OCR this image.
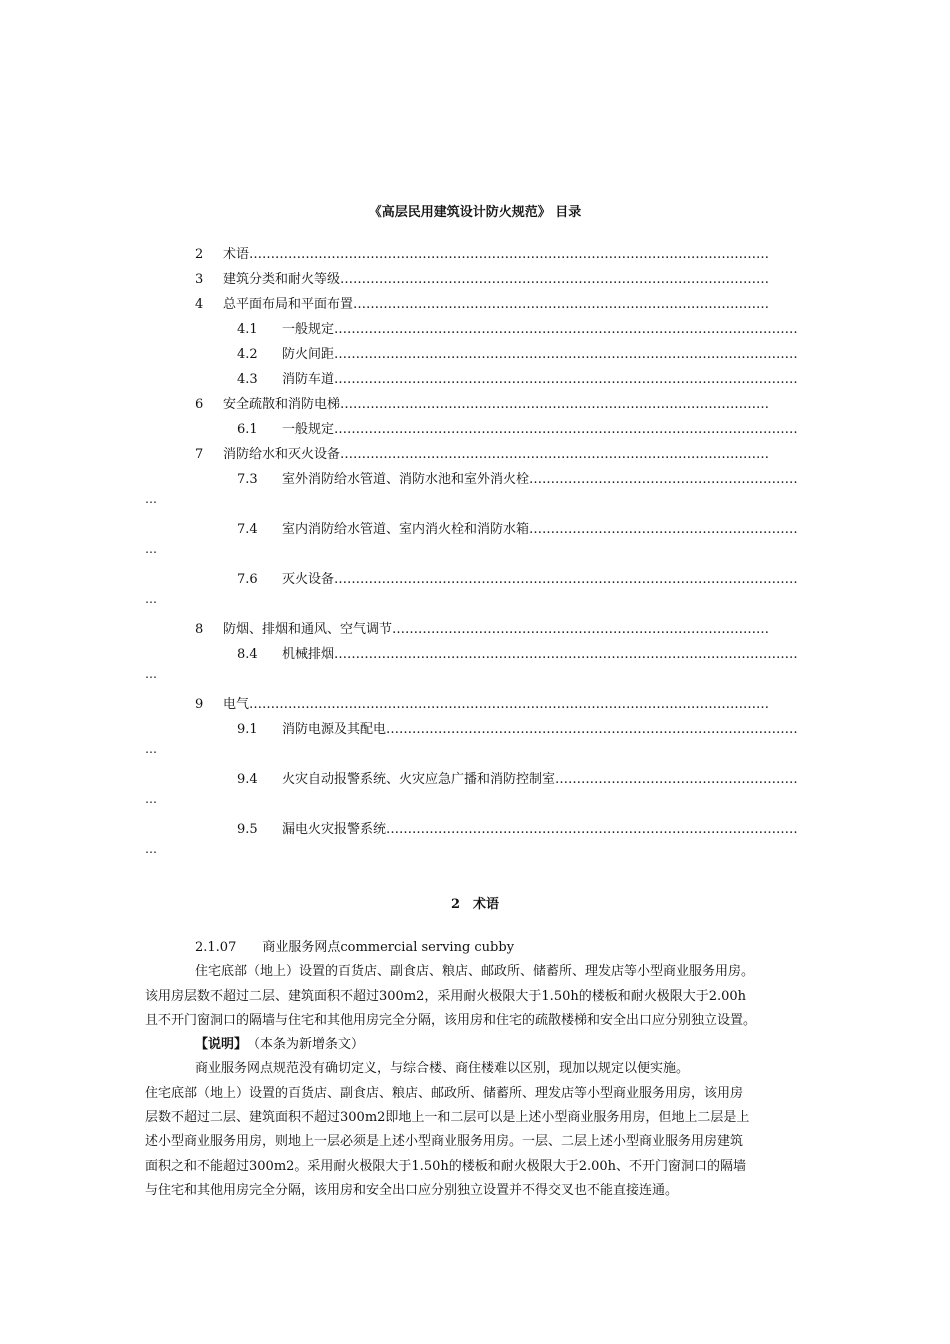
《高层民用建筑设计防火规范》 目录
2 术语 ……………………………………………………………………………………………………………………………………
3 建筑分类和耐火等级 ……………………………………………………………………………………………………………………………………
4 总平面布局和平面布置 ……………………………………………………………………………………………………………………………………
4.1 一般规定 ……………………………………………………………………………………………………………………………………
4.2 防火间距 ……………………………………………………………………………………………………………………………………
4.3 消防车道 ……………………………………………………………………………………………………………………………………
6 安全疏散和消防电梯 ……………………………………………………………………………………………………………………………………
6.1 一般规定 ……………………………………………………………………………………………………………………………………
7 消防给水和灭火设备 ……………………………………………………………………………………………………………………………………
7.3 室外消防给水管道、消防水池和室外消火栓 ……………………………………………………………………………………………………………………………………
…
7.4 室内消防给水管道、室内消火栓和消防水箱 ……………………………………………………………………………………………………………………………………
…
7.6 灭火设备 ……………………………………………………………………………………………………………………………………
…
8 防烟、排烟和通风、空气调节 ……………………………………………………………………………………………………………………………………
8.4 机械排烟 ……………………………………………………………………………………………………………………………………
…
9 电气 ……………………………………………………………………………………………………………………………………
9.1 消防电源及其配电 ……………………………………………………………………………………………………………………………………
…
9.4 火灾自动报警系统、火灾应急广播和消防控制室 ……………………………………………………………………………………………………………………………………
…
9.5 漏电火灾报警系统 ……………………………………………………………………………………………………………………………………
…
2　术语
2.1.07　　商业服务网点commercial serving cubby
住宅底部（地上）设置的百货店、副食店、粮店、邮政所、储蓄所、理发店等小型商业服务用房。
该用房层数不超过二层、建筑面积不超过300m2，采用耐火极限大于1.50h的楼板和耐火极限大于2.00h
且不开门窗洞口的隔墙与住宅和其他用房完全分隔，该用房和住宅的疏散楼梯和安全出口应分别独立设置。
【说明】　（本条为新增条文）
商业服务网点规范没有确切定义，与综合楼、商住楼难以区别，现加以规定以便实施。
住宅底部（地上）设置的百货店、副食店、粮店、邮政所、储蓄所、理发店等小型商业服务用房，该用房
层数不超过二层、建筑面积不超过300m2即地上一和二层可以是上述小型商业服务用房，但地上二层是上
述小型商业服务用房，则地上一层必须是上述小型商业服务用房。一层、二层上述小型商业服务用房建筑
面积之和不能超过300m2。采用耐火极限大于1.50h的楼板和耐火极限大于2.00h、不开门窗洞口的隔墙
与住宅和其他用房完全分隔，该用房和安全出口应分别独立设置并不得交叉也不能直接连通。
